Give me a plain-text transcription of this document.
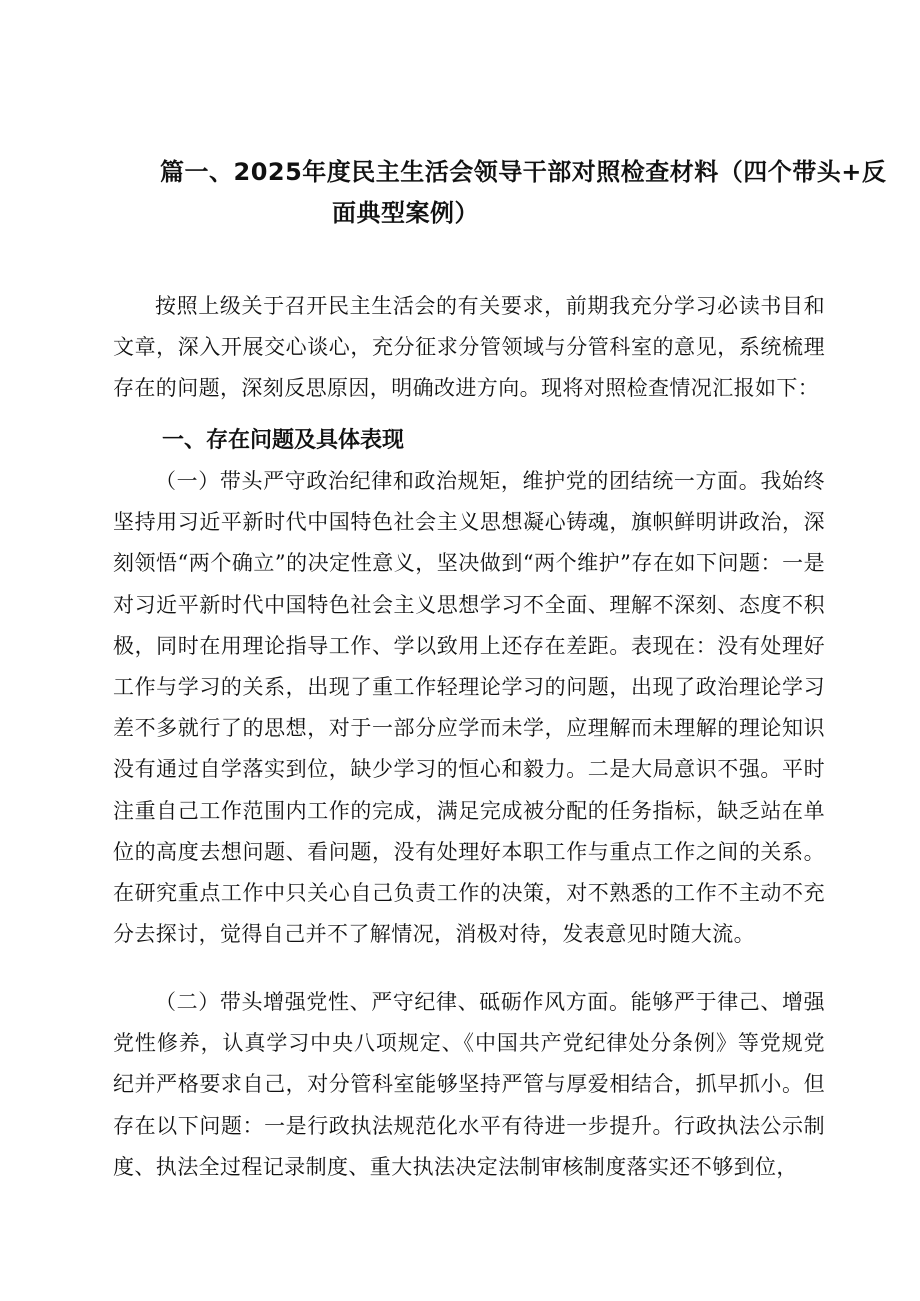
篇一、2025年度民主生活会领导干部对照检查材料（四个带头+反
面典型案例）

按照上级关于召开民主生活会的有关要求，前期我充分学习必读书目和文章，深入开展交心谈心，充分征求分管领域与分管科室的意见，系统梳理存在的问题，深刻反思原因，明确改进方向。现将对照检查情况汇报如下：

一、存在问题及具体表现

（一）带头严守政治纪律和政治规矩，维护党的团结统一方面。我始终坚持用习近平新时代中国特色社会主义思想凝心铸魂，旗帜鲜明讲政治，深刻领悟“两个确立”的决定性意义，坚决做到“两个维护”存在如下问题：一是对习近平新时代中国特色社会主义思想学习不全面、理解不深刻、态度不积极，同时在用理论指导工作、学以致用上还存在差距。表现在：没有处理好工作与学习的关系，出现了重工作轻理论学习的问题，出现了政治理论学习差不多就行了的思想，对于一部分应学而未学，应理解而未理解的理论知识没有通过自学落实到位，缺少学习的恒心和毅力。二是大局意识不强。平时注重自己工作范围内工作的完成，满足完成被分配的任务指标，缺乏站在单位的高度去想问题、看问题，没有处理好本职工作与重点工作之间的关系。在研究重点工作中只关心自己负责工作的决策，对不熟悉的工作不主动不充分去探讨，觉得自己并不了解情况，消极对待，发表意见时随大流。

（二）带头增强党性、严守纪律、砥砺作风方面。能够严于律己、增强党性修养，认真学习中央八项规定、《中国共产党纪律处分条例》等党规党纪并严格要求自己，对分管科室能够坚持严管与厚爱相结合，抓早抓小。但存在以下问题：一是行政执法规范化水平有待进一步提升。行政执法公示制度、执法全过程记录制度、重大执法决定法制审核制度落实还不够到位，
